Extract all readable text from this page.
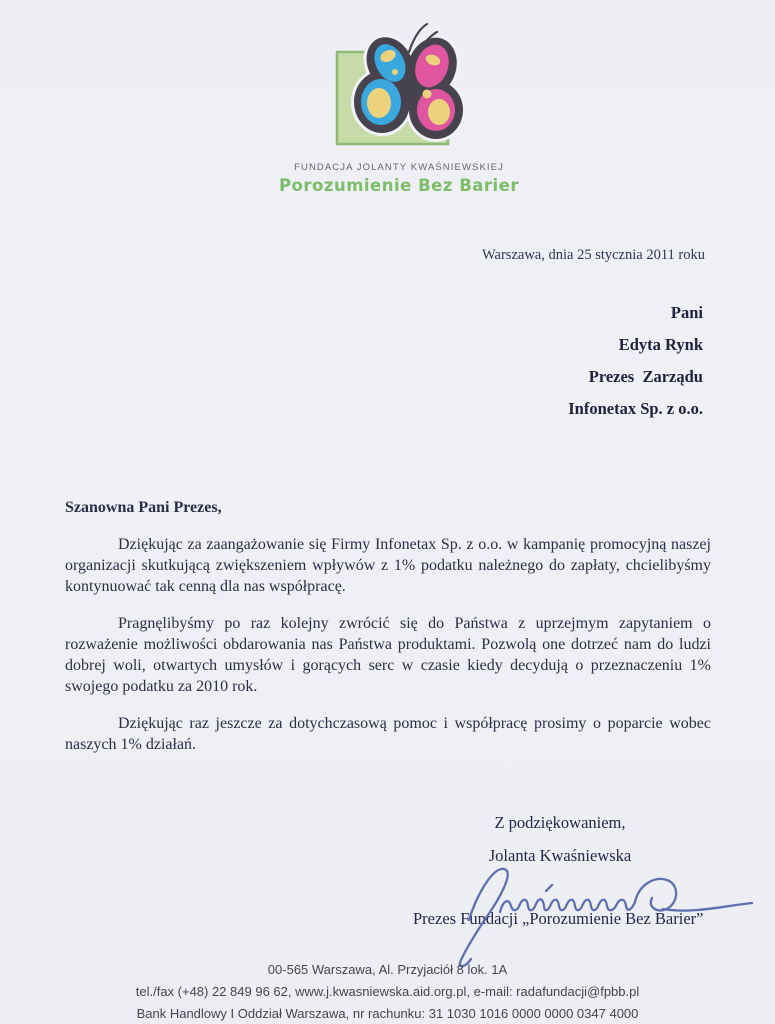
FUNDACJA JOLANTY KWAŚNIEWSKIEJ
Porozumienie Bez Barier
Warszawa, dnia 25 stycznia 2011 roku
Pani
Edyta Rynk
Prezes  Zarządu
Infonetax Sp. z o.o.
Szanowna Pani Prezes,

Dziękując za zaangażowanie się Firmy Infonetax Sp. z o.o. w kampanię promocyjną naszej organizacji skutkującą zwiększeniem wpływów z 1% podatku należnego do zapłaty, chcielibyśmy kontynuować tak cenną dla nas współpracę.

Pragnęlibyśmy po raz kolejny zwrócić się do Państwa z uprzejmym zapytaniem o rozważenie możliwości obdarowania nas Państwa produktami. Pozwolą one dotrzeć nam do ludzi dobrej woli, otwartych umysłów i gorących serc w czasie kiedy decydują o przeznaczeniu 1% swojego podatku za 2010 rok.

Dziękując raz jeszcze za dotychczasową pomoc i współpracę prosimy o poparcie wobec naszych 1% działań.

Z podziękowaniem,
Jolanta Kwaśniewska
Prezes Fundacji „Porozumienie Bez Barier”
00-565 Warszawa, Al. Przyjaciół 8 lok. 1A
tel./fax (+48) 22 849 96 62, www.j.kwasniewska.aid.org.pl, e-mail: radafundacji@fpbb.pl
Bank Handlowy I Oddział Warszawa, nr rachunku: 31 1030 1016 0000 0000 0347 4000
